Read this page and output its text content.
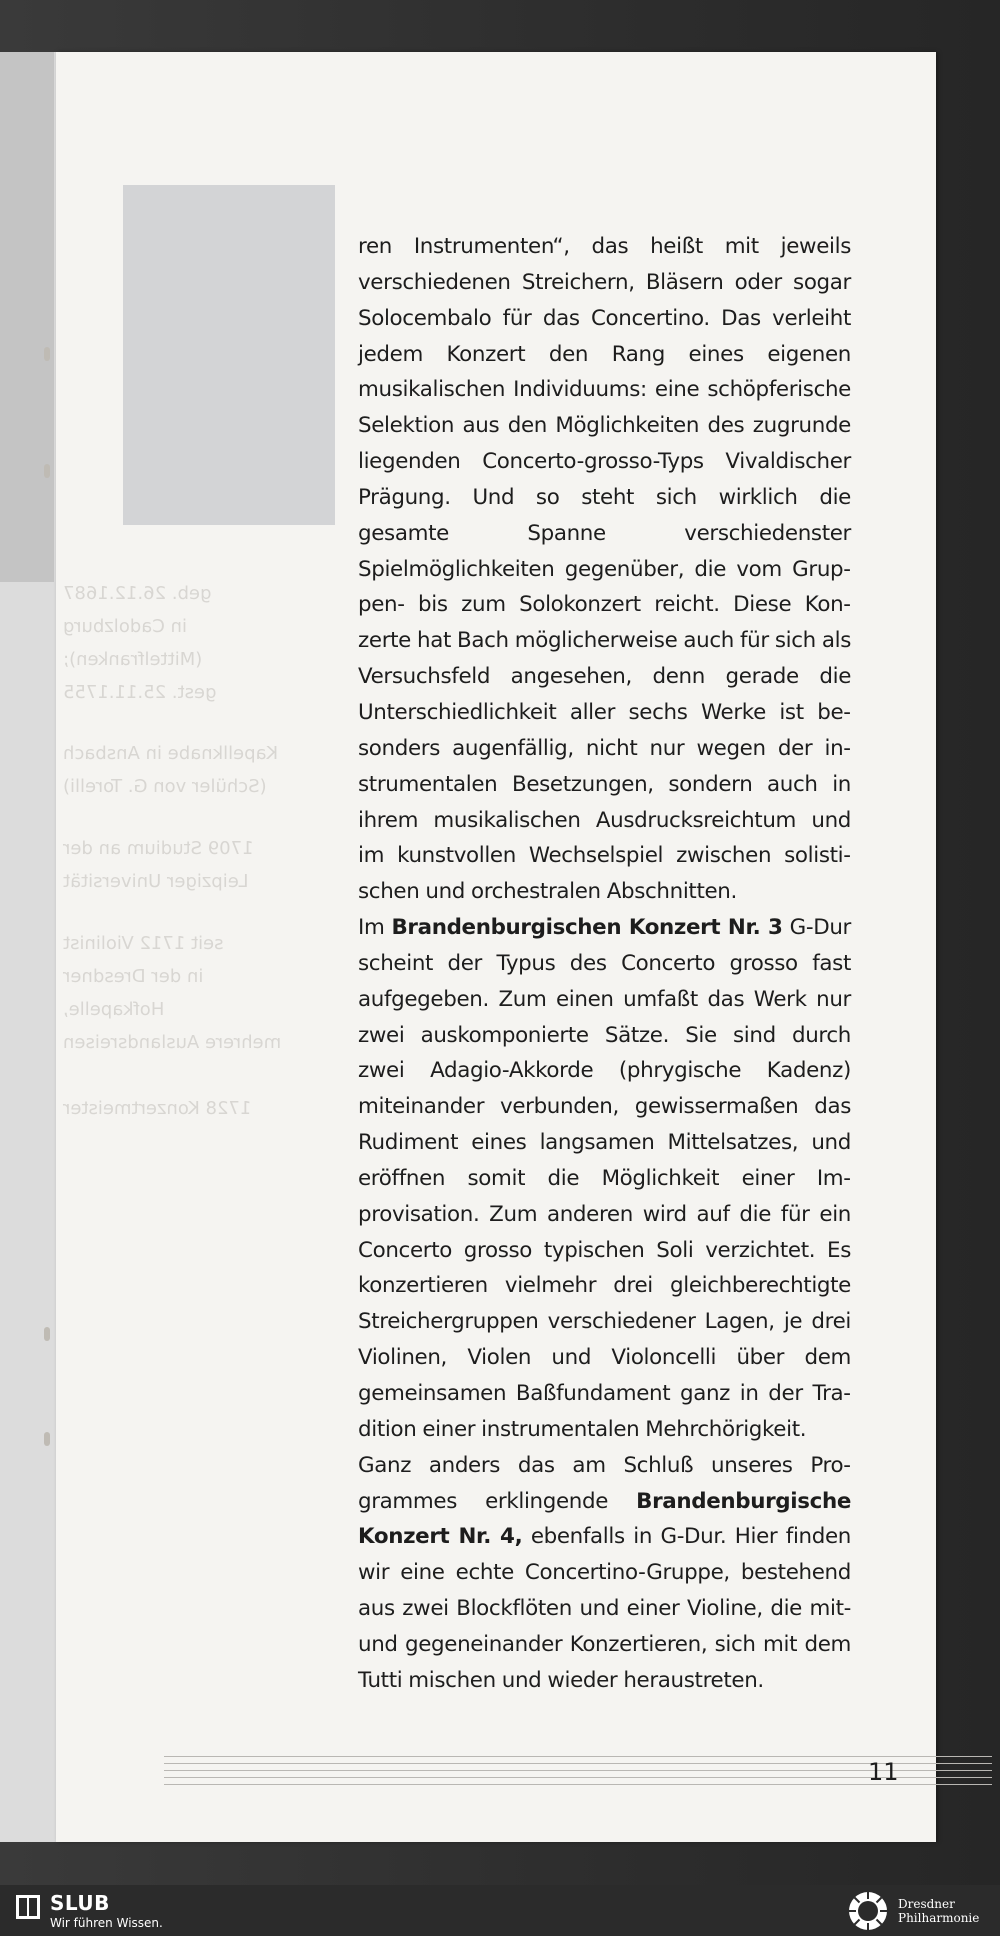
geb. 26.12.1687
in Cadolzburg
(Mittelfranken);
gest. 25.11.1755
Kapellknabe in Ansbach
(Schüler von G. Torelli)
1709 Studium an der
Leipziger Universität
seit 1712 Violinist
in der Dresdner
Hofkapelle,
mehrere Auslandsreisen
1728 Konzertmeister

ren Instrumenten“, das heißt mit jeweils verschiedenen Streichern, Bläsern oder sogar Solocembalo für das Concertino. Das verleiht jedem Konzert den Rang eines eigenen musikalischen Individuums: eine schöpferische Selektion aus den Möglichkeiten des zugrunde liegenden Concerto-grosso-Typs Vivaldischer Prägung. Und so steht sich wirklich die gesamte Spanne verschiedenster Spielmöglichkeiten gegenüber, die vom Gruppen- bis zum Solokonzert reicht. Diese Konzerte hat Bach möglicherweise auch für sich als Versuchsfeld angesehen, denn gerade die Unterschiedlichkeit aller sechs Werke ist besonders augenfällig, nicht nur wegen der instrumentalen Besetzungen, sondern auch in ihrem musikalischen Ausdrucksreichtum und im kunstvollen Wechselspiel zwischen solistischen und orchestralen Abschnitten.

Im Brandenburgischen Konzert Nr. 3 G-Dur scheint der Typus des Concerto grosso fast aufgegeben. Zum einen umfaßt das Werk nur zwei auskomponierte Sätze. Sie sind durch zwei Adagio-Akkorde (phrygische Kadenz) miteinander verbunden, gewissermaßen das Rudiment eines langsamen Mittelsatzes, und eröffnen somit die Möglichkeit einer Improvisation. Zum anderen wird auf die für ein Concerto grosso typischen Soli verzichtet. Es konzertieren vielmehr drei gleichberechtigte Streichergruppen verschiedener Lagen, je drei Violinen, Violen und Violoncelli über dem gemeinsamen Baßfundament ganz in der Tradition einer instrumentalen Mehrchörigkeit.

Ganz anders das am Schluß unseres Programmes erklingende Brandenburgische Konzert Nr. 4, ebenfalls in G-Dur. Hier finden wir eine echte Concertino-Gruppe, bestehend aus zwei Blockflöten und einer Violine, die mit- und gegeneinander Konzertieren, sich mit dem Tutti mischen und wieder heraustreten.

11
SLUB
Wir führen Wissen.
Dresdner
Philharmonie
